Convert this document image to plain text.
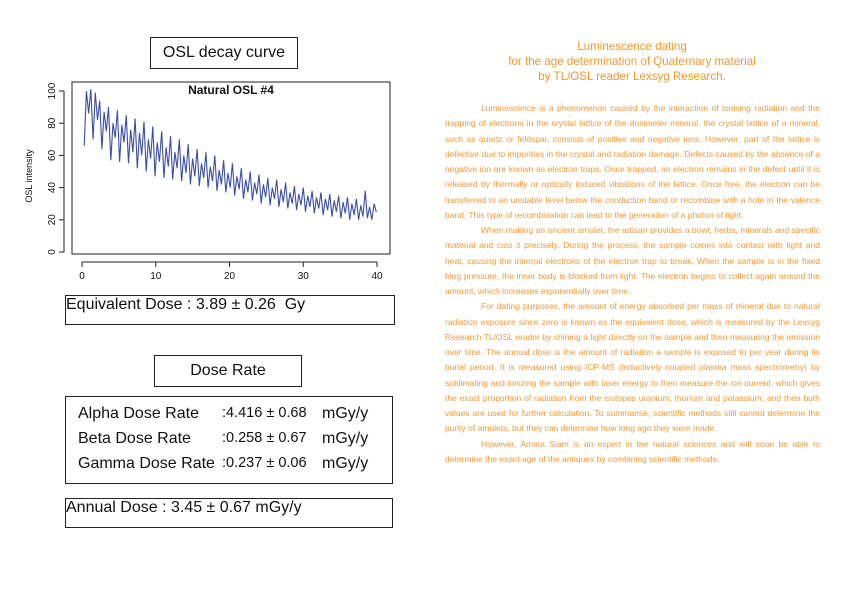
OSL decay curve
Natural OSL #4
OSL intensity
0	10	20	30	40
0
20
40
60
80
100
Equivalent Dose : 3.89 ± 0.26 Gy
Dose Rate
Alpha Dose Rate :4.416 ± 0.68 mGy/y
Beta Dose Rate :0.258 ± 0.67 mGy/y
Gamma Dose Rate :0.237 ± 0.06 mGy/y
Annual Dose : 3.45 ± 0.67 mGy/y
Luminescence dating
for the age determination of Quaternary material
by TL/OSL reader Lexsyg Research.

Luminescence is a phenomenon caused by the interaction of ionising radiation and the trapping of electrons in the crystal lattice of the dosimeter mineral. the crystal lattice of a mineral, such as quartz or feldspar, consists of positive and negative ions. However, part of the lattice is defective due to impurities in the crystal and radiation damage. Defects caused by the absence of a negative ion are known as electron traps. Once trapped, an electron remains in the defect until it is released by thermally or optically induced vibrations of the lattice. Once free, the electron can be transferred to an unstable level below the conduction band or recombine with a hole in the valence band. This type of recombination can lead to the generation of a photon of light.

When making an ancient amulet, the artisan provides a bowl, herbs, minerals and specific material and cuts it precisely. During the process, the sample comes into contact with light and heat, causing the internal electrons of the electron trap to break. When the sample is in the fixed blog pressure, the inner body is blocked from light. The electron begins to collect again around the amount, which increases exponentially over time.

For dating purposes, the amount of energy absorbed per mass of mineral due to natural radiation exposure since zero is known as the equivalent dose, which is measured by the Lexsyg Research TL/OSL reader by shining a light directly on the sample and then measuring the emission over time. The annual dose is the amount of radiation a sample is exposed to per year during its burial period. It is measured using ICP-MS (inductively coupled plasma mass spectrometry) by sublimating and ionizing the sample with laser energy to then measure the ion current, which gives the exact proportion of radiation from the isotopes uranium, thorium and potassium, and then both values are used for further calculation. To summarise, scientific methods still cannot determine the purity of amulets, but they can determine how long ago they were made.

However, Amata Siam is an expert in the natural sciences and will soon be able to determine the exact age of the antiques by combining scientific methods.
